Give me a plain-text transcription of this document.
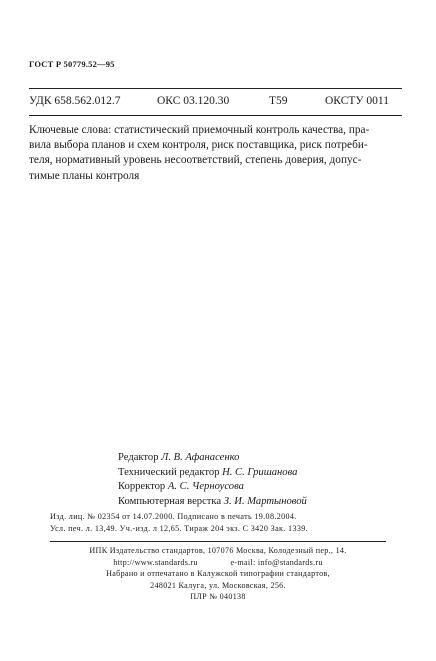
ГОСТ Р 50779.52—95
УДК 658.562.012.7	ОКС 03.120.30	Т59	ОКСТУ 0011
Ключевые слова: статистический приемочный контроль качества, пра-
вила выбора планов и схем контроля, риск поставщика, риск потреби-
теля, нормативный уровень несоответствий, степень доверия, допус-
тимые планы контроля
Редактор Л. В. Афанасенко
Технический редактор Н. С. Гришанова
Корректор А. С. Черноусова
Компьютерная верстка З. И. Мартыновой
Изд. лиц. № 02354 от 14.07.2000. Подписано в печать 19.08.2004.
Усл. печ. л. 13,49. Уч.-изд. л 12,65. Тираж 204 экз. С 3420 Зак. 1339.
ИПК Издательство стандартов, 107076 Москва, Колодезный пер., 14.
http://www.standards.ru	e-mail: info@standards.ru
Набрано и отпечатано в Калужской типографии стандартов,
248021 Калуга, ул. Московская, 256.
ПЛР № 040138
